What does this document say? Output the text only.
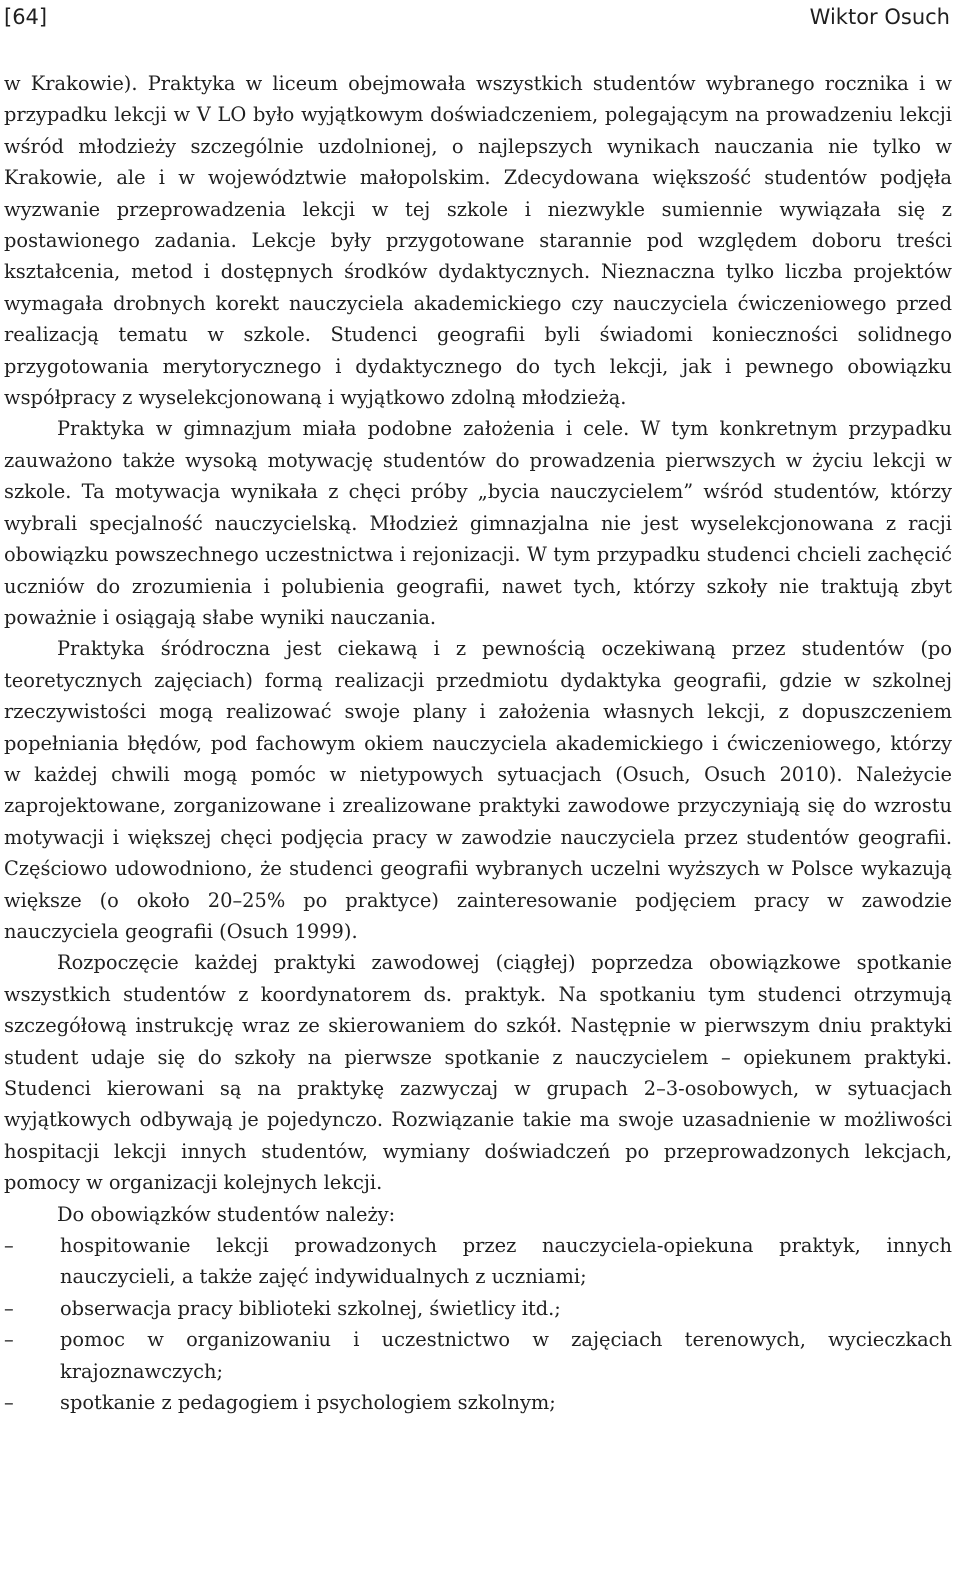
[64]	Wiktor Osuch

w Krakowie). Praktyka w liceum obejmowała wszystkich studentów wybranego rocznika i w przypadku lekcji w V LO było wyjątkowym doświadczeniem, polegającym na prowadzeniu lekcji wśród młodzieży szczególnie uzdolnionej, o najlepszych wynikach nauczania nie tylko w Krakowie, ale i w województwie małopolskim. Zdecydowana większość studentów podjęła wyzwanie przeprowadzenia lekcji w tej szkole i niezwykle sumiennie wywiązała się z postawionego zadania. Lekcje były przygotowane starannie pod względem doboru treści kształcenia, metod i dostępnych środków dydaktycznych. Nieznaczna tylko liczba projektów wymagała drobnych korekt nauczyciela akademickiego czy nauczyciela ćwiczeniowego przed realizacją tematu w szkole. Studenci geografii byli świadomi konieczności solidnego przygotowania merytorycznego i dydaktycznego do tych lekcji, jak i pewnego obowiązku współpracy z wyselekcjonowaną i wyjątkowo zdolną młodzieżą.

Praktyka w gimnazjum miała podobne założenia i cele. W tym konkretnym przypadku zauważono także wysoką motywację studentów do prowadzenia pierwszych w życiu lekcji w szkole. Ta motywacja wynikała z chęci próby „bycia nauczycielem” wśród studentów, którzy wybrali specjalność nauczycielską. Młodzież gimnazjalna nie jest wyselekcjonowana z racji obowiązku powszechnego uczestnictwa i rejonizacji. W tym przypadku studenci chcieli zachęcić uczniów do zrozumienia i polubienia geografii, nawet tych, którzy szkoły nie traktują zbyt poważnie i osiągają słabe wyniki nauczania.

Praktyka śródroczna jest ciekawą i z pewnością oczekiwaną przez studentów (po teoretycznych zajęciach) formą realizacji przedmiotu dydaktyka geografii, gdzie w szkolnej rzeczywistości mogą realizować swoje plany i założenia własnych lekcji, z dopuszczeniem popełniania błędów, pod fachowym okiem nauczyciela akademickiego i ćwiczeniowego, którzy w każdej chwili mogą pomóc w nietypowych sytuacjach (Osuch, Osuch 2010). Należycie zaprojektowane, zorganizowane i zrealizowane praktyki zawodowe przyczyniają się do wzrostu motywacji i większej chęci podjęcia pracy w zawodzie nauczyciela przez studentów geografii. Częściowo udowodniono, że studenci geografii wybranych uczelni wyższych w Polsce wykazują większe (o około 20–25% po praktyce) zainteresowanie podjęciem pracy w zawodzie nauczyciela geografii (Osuch 1999).

Rozpoczęcie każdej praktyki zawodowej (ciągłej) poprzedza obowiązkowe spotkanie wszystkich studentów z koordynatorem ds. praktyk. Na spotkaniu tym studenci otrzymują szczegółową instrukcję wraz ze skierowaniem do szkół. Następnie w pierwszym dniu praktyki student udaje się do szkoły na pierwsze spotkanie z nauczycielem – opiekunem praktyki. Studenci kierowani są na praktykę zazwyczaj w grupach 2–3-osobowych, w sytuacjach wyjątkowych odbywają je pojedynczo. Rozwiązanie takie ma swoje uzasadnienie w możliwości hospitacji lekcji innych studentów, wymiany doświadczeń po przeprowadzonych lekcjach, pomocy w organizacji kolejnych lekcji.

Do obowiązków studentów należy:

– hospitowanie lekcji prowadzonych przez nauczyciela-opiekuna praktyk, innych nauczycieli, a także zajęć indywidualnych z uczniami;
– obserwacja pracy biblioteki szkolnej, świetlicy itd.;
– pomoc w organizowaniu i uczestnictwo w zajęciach terenowych, wycieczkach krajoznawczych;
– spotkanie z pedagogiem i psychologiem szkolnym;
